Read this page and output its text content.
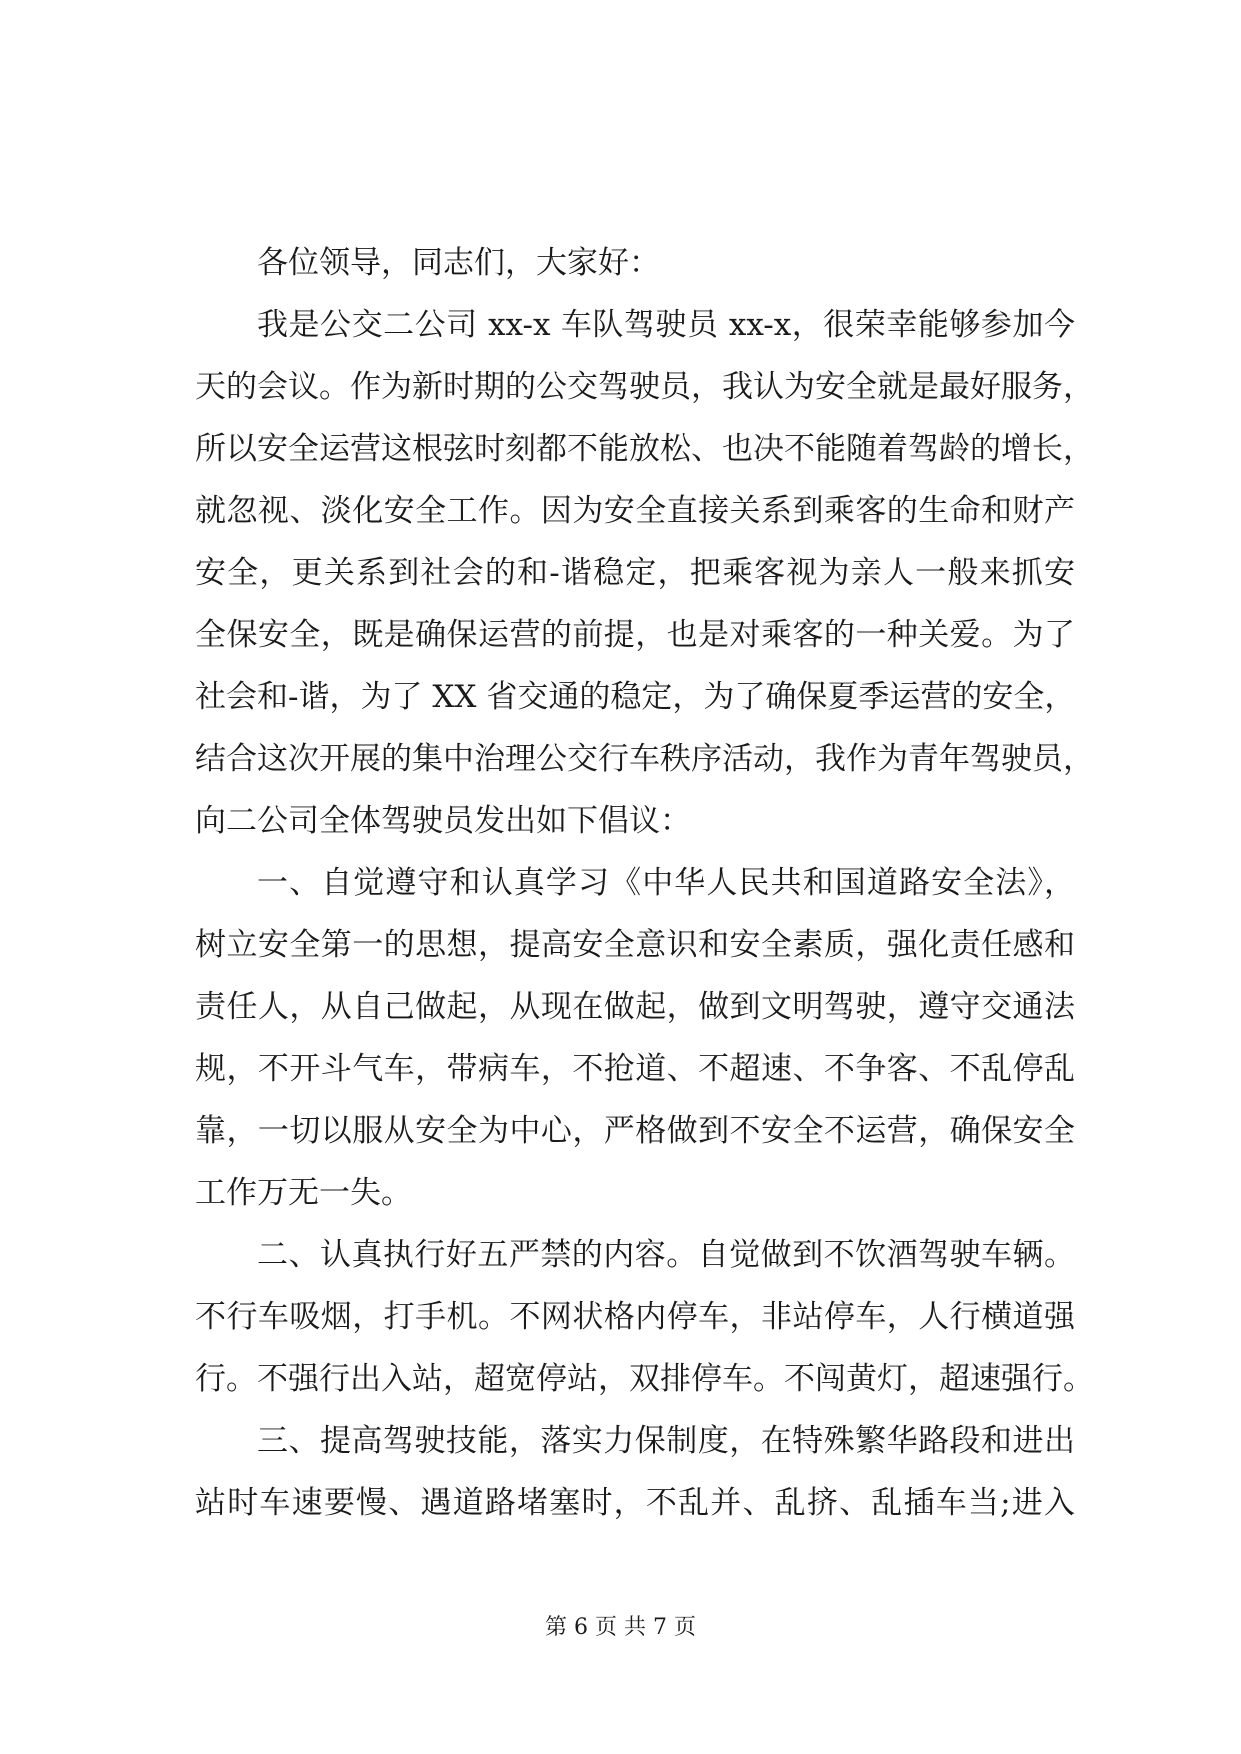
各位领导，同志们，大家好：
我是公交二公司 xx-x 车队驾驶员 xx-x，很荣幸能够参加今
天的会议。作为新时期的公交驾驶员，我认为安全就是最好服务，
所以安全运营这根弦时刻都不能放松、也决不能随着驾龄的增长，
就忽视、淡化安全工作。因为安全直接关系到乘客的生命和财产
安全，更关系到社会的和-谐稳定，把乘客视为亲人一般来抓安
全保安全，既是确保运营的前提，也是对乘客的一种关爱。为了
社会和-谐，为了 XX 省交通的稳定，为了确保夏季运营的安全，
结合这次开展的集中治理公交行车秩序活动，我作为青年驾驶员，
向二公司全体驾驶员发出如下倡议：
一、自觉遵守和认真学习《中华人民共和国道路安全法》，
树立安全第一的思想，提高安全意识和安全素质，强化责任感和
责任人，从自己做起，从现在做起，做到文明驾驶，遵守交通法
规，不开斗气车，带病车，不抢道、不超速、不争客、不乱停乱
靠，一切以服从安全为中心，严格做到不安全不运营，确保安全
工作万无一失。
二、认真执行好五严禁的内容。自觉做到不饮酒驾驶车辆。
不行车吸烟，打手机。不网状格内停车，非站停车，人行横道强
行。不强行出入站，超宽停站，双排停车。不闯黄灯，超速强行。
三、提高驾驶技能，落实力保制度，在特殊繁华路段和进出
站时车速要慢、遇道路堵塞时，不乱并、乱挤、乱插车当;进入
第 6 页 共 7 页
